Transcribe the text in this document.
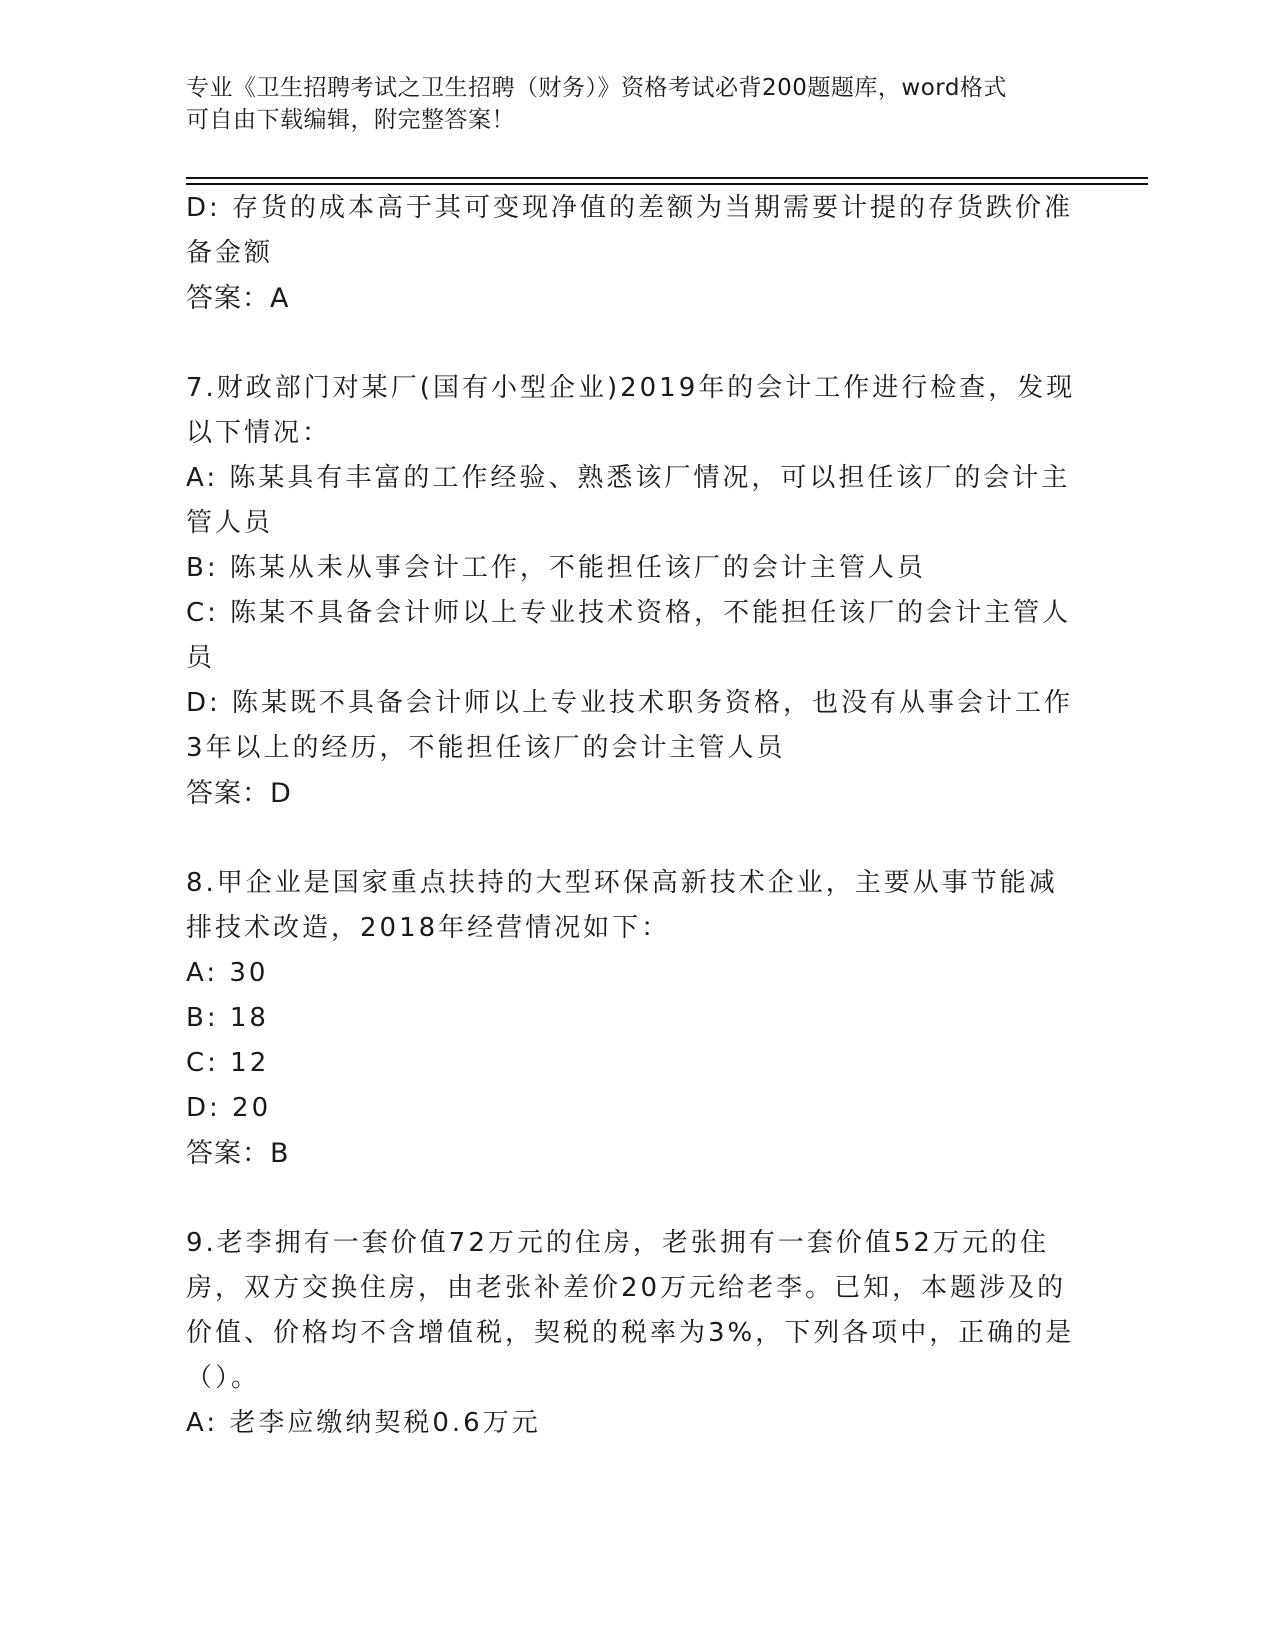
专业《卫生招聘考试之卫生招聘（财务）》资格考试必背200题题库，word格式
可自由下载编辑，附完整答案！
D: 存货的成本高于其可变现净值的差额为当期需要计提的存货跌价准
备金额
答案：A
7.财政部门对某厂(国有小型企业)2019年的会计工作进行检查，发现
以下情况：
A: 陈某具有丰富的工作经验、熟悉该厂情况，可以担任该厂的会计主
管人员
B: 陈某从未从事会计工作，不能担任该厂的会计主管人员
C: 陈某不具备会计师以上专业技术资格，不能担任该厂的会计主管人
员
D: 陈某既不具备会计师以上专业技术职务资格，也没有从事会计工作
3年以上的经历，不能担任该厂的会计主管人员
答案：D
8.甲企业是国家重点扶持的大型环保高新技术企业，主要从事节能减
排技术改造，2018年经营情况如下：
A: 30
B: 18
C: 12
D: 20
答案：B
9.老李拥有一套价值72万元的住房，老张拥有一套价值52万元的住
房，双方交换住房，由老张补差价20万元给老李。已知，本题涉及的
价值、价格均不含增值税，契税的税率为3%，下列各项中，正确的是
（）。
A: 老李应缴纳契税0.6万元
